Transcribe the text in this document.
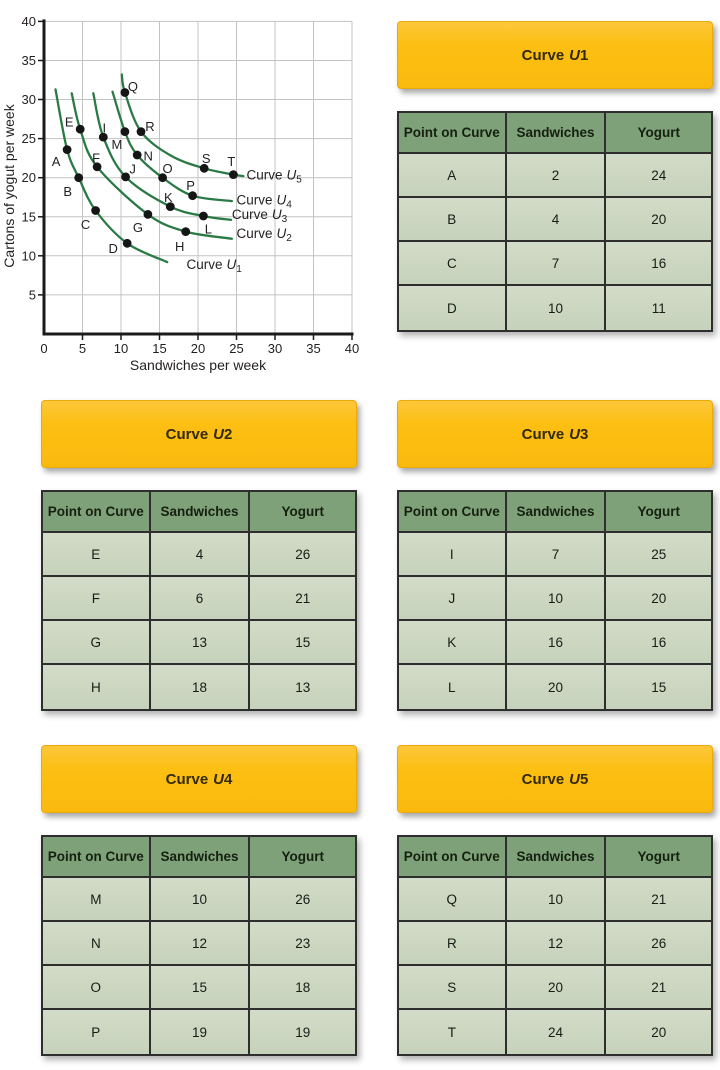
Curve $U_1$
Curve $U_2$
Curve $U_3$
Curve $U_4$
Curve $U_5$
A
B
C
D
E
F
G
H
I
J
K
L
M
N
O
P
Q
R
S T
0 5 10 15 20 25 30 35 40
5
10
15
20
25
30
35
40
Sandwiches per week
Cartons of yogut per week
Curve U 1
Point on Curve	Sandwiches	Yogurt
A	2	24
B	4	20
C	7	16
D	10	11
Curve U 2
Point on Curve	Sandwiches	Yogurt
E	4	26
F	6	21
G	13	15
H	18	13
Curve U 3
Point on Curve	Sandwiches	Yogurt
I	7	25
J	10	20
K	16	16
L	20	15
Curve U 4
Point on Curve	Sandwiches	Yogurt
M	10	26
N	12	23
O	15	18
P	19	19
Curve U 5
Point on Curve	Sandwiches	Yogurt
Q	10	21
R	12	26
S	20	21
T	24	20
